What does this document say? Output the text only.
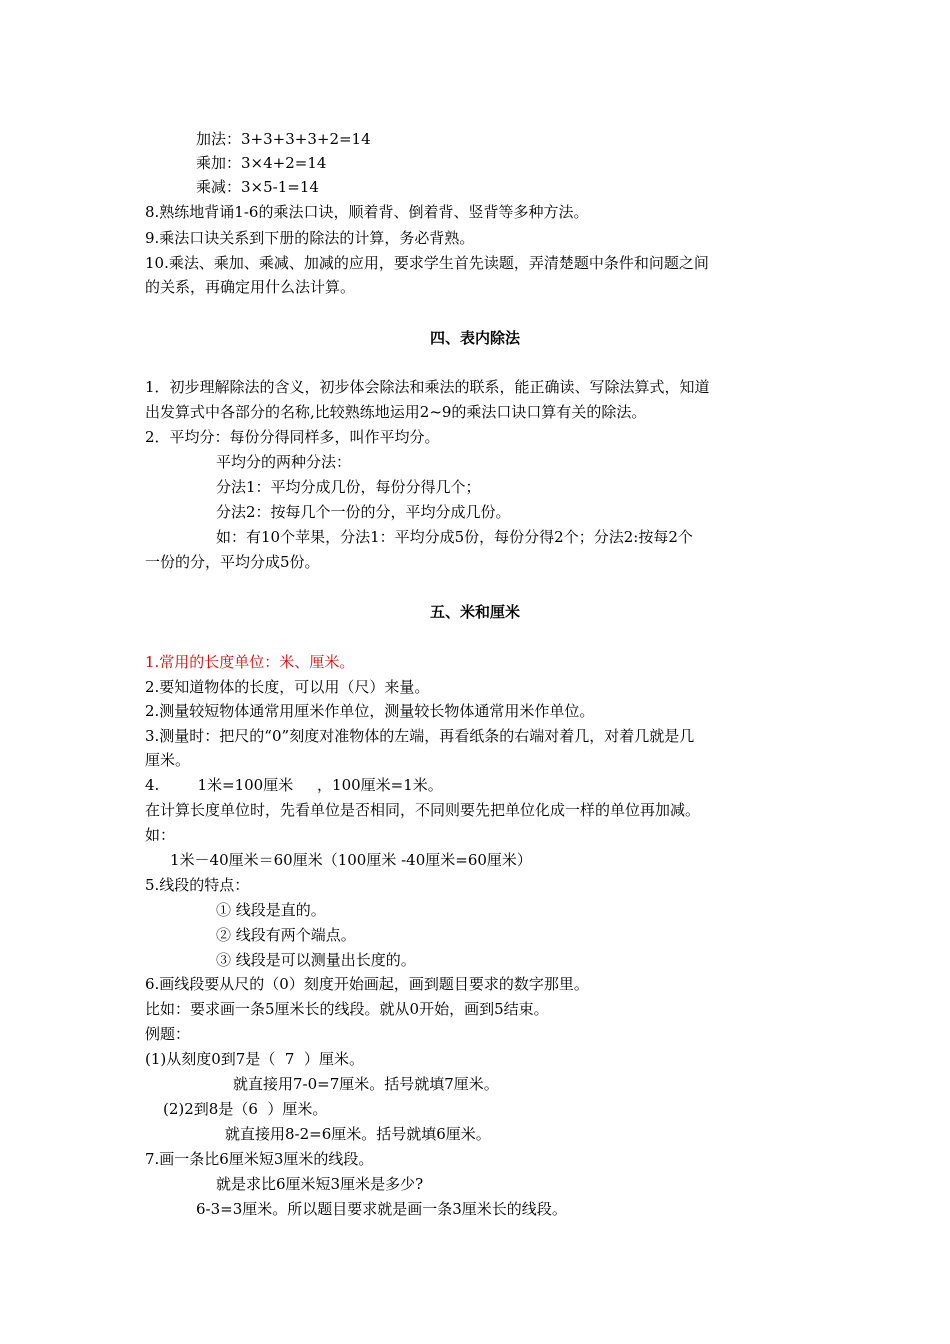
加法：3+3+3+3+2=14
乘加：3×4+2=14
乘减：3×5-1=14
8.熟练地背诵1-6的乘法口诀，顺着背、倒着背、竖背等多种方法。
9.乘法口诀关系到下册的除法的计算，务必背熟。
10.乘法、乘加、乘减、加减的应用，要求学生首先读题，弄清楚题中条件和问题之间
的关系，再确定用什么法计算。
四、表内除法
1．初步理解除法的含义，初步体会除法和乘法的联系，能正确读、写除法算式，知道
出发算式中各部分的名称,比较熟练地运用2~9的乘法口诀口算有关的除法。
2．平均分：每份分得同样多，叫作平均分。
平均分的两种分法：
分法1：平均分成几份，每份分得几个；
分法2：按每几个一份的分，平均分成几份。
如：有10个苹果，分法1：平均分成5份，每份分得2个；分法2:按每2个
一份的分，平均分成5份。
五、米和厘米
1.常用的长度单位：米、厘米。
2.要知道物体的长度，可以用（尺）来量。
2.测量较短物体通常用厘米作单位，测量较长物体通常用米作单位。
3.测量时：把尺的“0”刻度对准物体的左端，再看纸条的右端对着几，对着几就是几
厘米。
4.        1米=100厘米     ，100厘米=1米。
在计算长度单位时，先看单位是否相同，不同则要先把单位化成一样的单位再加减。
如：
1米－40厘米＝60厘米（100厘米 -40厘米=60厘米）
5.线段的特点：
① 线段是直的。
② 线段有两个端点。
③ 线段是可以测量出长度的。
6.画线段要从尺的（0）刻度开始画起，画到题目要求的数字那里。
比如：要求画一条5厘米长的线段。就从0开始，画到5结束。
例题：
(1)从刻度0到7是（  7  ）厘米。
就直接用7-0=7厘米。括号就填7厘米。
(2)2到8是（6  ）厘米。
就直接用8-2=6厘米。括号就填6厘米。
7.画一条比6厘米短3厘米的线段。
就是求比6厘米短3厘米是多少?
6-3=3厘米。所以题目要求就是画一条3厘米长的线段。
